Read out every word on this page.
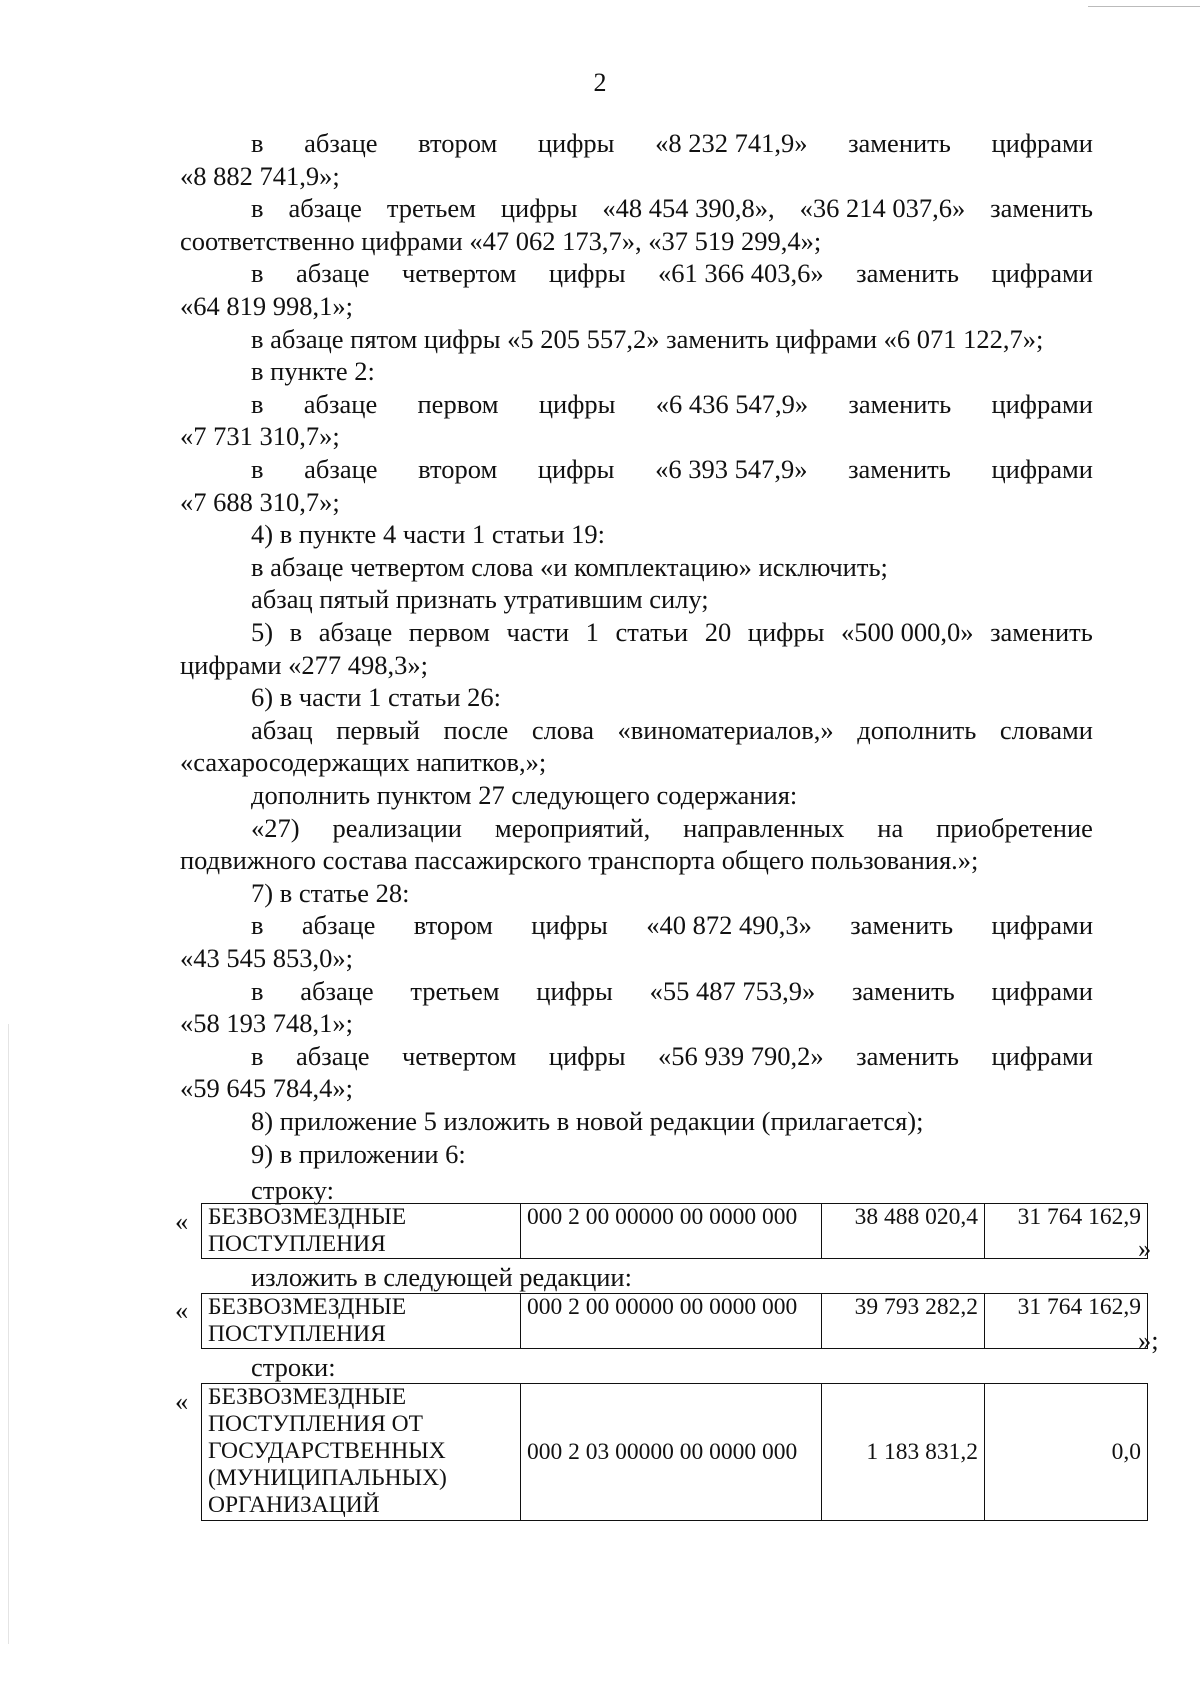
2
в абзаце втором цифры «8 232 741,9» заменить цифрами
«8 882 741,9»;
в абзаце третьем цифры «48 454 390,8», «36 214 037,6» заменить
соответственно цифрами «47 062 173,7», «37 519 299,4»;
в абзаце четвертом цифры «61 366 403,6» заменить цифрами
«64 819 998,1»;
в абзаце пятом цифры «5 205 557,2» заменить цифрами «6 071 122,7»;
в пункте 2:
в абзаце первом цифры «6 436 547,9» заменить цифрами
«7 731 310,7»;
в абзаце втором цифры «6 393 547,9» заменить цифрами
«7 688 310,7»;
4) в пункте 4 части 1 статьи 19:
в абзаце четвертом слова «и комплектацию» исключить;
абзац пятый признать утратившим силу;
5) в абзаце первом части 1 статьи 20 цифры «500 000,0» заменить
цифрами «277 498,3»;
6) в части 1 статьи 26:
абзац первый после слова «виноматериалов,» дополнить словами
«сахаросодержащих напитков,»;
дополнить пунктом 27 следующего содержания:
«27) реализации мероприятий, направленных на приобретение
подвижного состава пассажирского транспорта общего пользования.»;
7) в статье 28:
в абзаце втором цифры «40 872 490,3» заменить цифрами
«43 545 853,0»;
в абзаце третьем цифры «55 487 753,9» заменить цифрами
«58 193 748,1»;
в абзаце четвертом цифры «56 939 790,2» заменить цифрами
«59 645 784,4»;
8) приложение 5 изложить в новой редакции (прилагается);
9) в приложении 6:
строку:
« БЕЗВОЗМЕЗДНЫЕ ПОСТУПЛЕНИЯ	000 2 00 00000 00 0000 000	38 488 020,4	31 764 162,9
»
изложить в следующей редакции:
« БЕЗВОЗМЕЗДНЫЕ ПОСТУПЛЕНИЯ	000 2 00 00000 00 0000 000	39 793 282,2	31 764 162,9
»;
строки:
« БЕЗВОЗМЕЗДНЫЕ ПОСТУПЛЕНИЯ ОТ ГОСУДАРСТВЕННЫХ (МУНИЦИПАЛЬНЫХ) ОРГАНИЗАЦИЙ	000 2 03 00000 00 0000 000	1 183 831,2	0,0
